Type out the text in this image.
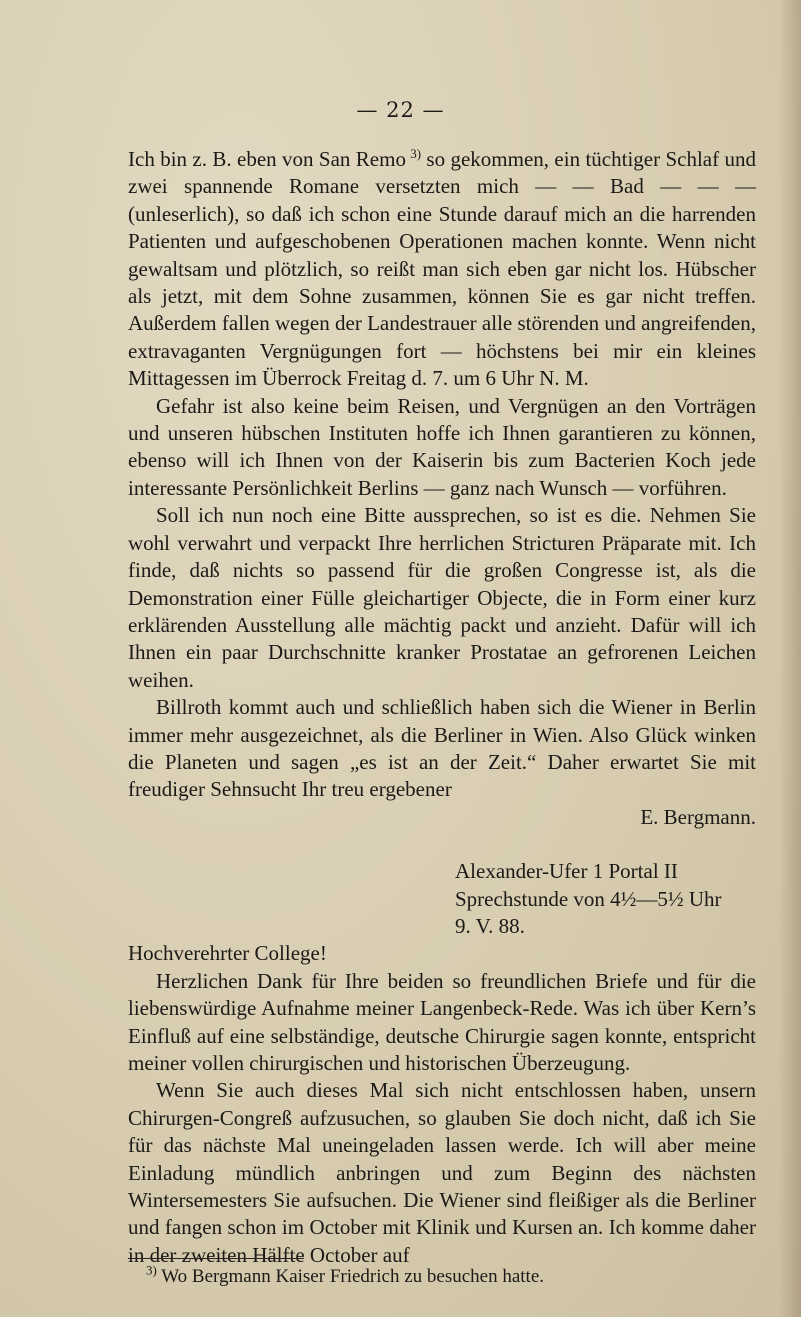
— 22 —

Ich bin z. B. eben von San Remo  $^{3)}$ so gekommen, ein tüchtiger Schlaf und zwei spannende Romane versetzten mich — — Bad — — — (unleserlich), so daß ich schon eine Stunde darauf mich an die harrenden Patienten und aufgeschobenen Operationen machen konnte. Wenn nicht gewaltsam und plötzlich, so reißt man sich eben gar nicht los. Hübscher als jetzt, mit dem Sohne zusammen, können Sie es gar nicht treffen. Außerdem fallen wegen der Landestrauer alle störenden und angreifenden, extravaganten Vergnügungen fort — höchstens bei mir ein kleines Mittagessen im Überrock Freitag d. 7. um 6 Uhr N. M.

Gefahr ist also keine beim Reisen, und Vergnügen an den Vorträgen und unseren hübschen Instituten hoffe ich Ihnen garantieren zu können, ebenso will ich Ihnen von der Kaiserin bis zum Bacterien Koch jede interessante Persönlichkeit Berlins — ganz nach Wunsch — vorführen.

Soll ich nun noch eine Bitte aussprechen, so ist es die. Nehmen Sie wohl verwahrt und verpackt Ihre herrlichen Stricturen Präparate mit. Ich finde, daß nichts so passend für die großen Congresse ist, als die Demonstration einer Fülle gleichartiger Objecte, die in Form einer kurz erklärenden Ausstellung alle mächtig packt und anzieht. Dafür will ich Ihnen ein paar Durchschnitte kranker Prostatae an gefrorenen Leichen weihen.

Billroth kommt auch und schließlich haben sich die Wiener in Berlin immer mehr ausgezeichnet, als die Berliner in Wien. Also Glück winken die Planeten und sagen „es ist an der Zeit.“ Daher erwartet Sie mit freudiger Sehnsucht Ihr treu ergebener

E. Bergmann.

Alexander-Ufer 1 Portal II

Sprechstunde von 4½—5½ Uhr

9. V. 88.

Hochverehrter College!

Herzlichen Dank für Ihre beiden so freundlichen Briefe und für die liebenswürdige Aufnahme meiner Langenbeck-Rede. Was ich über Kern’s Einfluß auf eine selbständige, deutsche Chirurgie sagen konnte, entspricht meiner vollen chirurgischen und historischen Überzeugung.

Wenn Sie auch dieses Mal sich nicht entschlossen haben, unsern Chirurgen-Congreß aufzusuchen, so glauben Sie doch nicht, daß ich Sie für das nächste Mal uneingeladen lassen werde. Ich will aber meine Einladung mündlich anbringen und zum Beginn des nächsten Wintersemesters Sie aufsuchen. Die Wiener sind fleißiger als die Berliner und fangen schon im October mit Klinik und Kursen an. Ich komme daher in der zweiten Hälfte October auf

$^{3)}$ Wo Bergmann Kaiser Friedrich zu besuchen hatte.
